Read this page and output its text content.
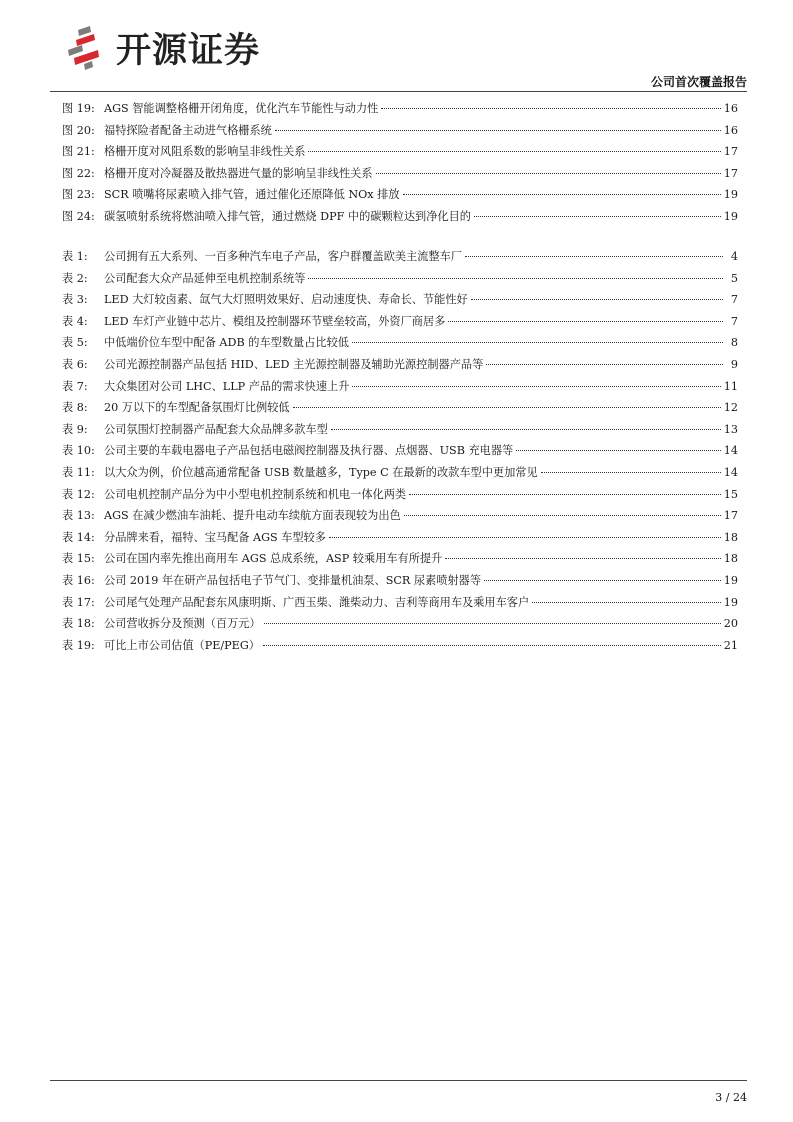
开源证券
公司首次覆盖报告
图 19: AGS 智能调整格栅开闭角度，优化汽车节能性与动力性	16
图 20: 福特探险者配备主动进气格栅系统	16
图 21: 格栅开度对风阻系数的影响呈非线性关系	17
图 22: 格栅开度对冷凝器及散热器进气量的影响呈非线性关系	17
图 23: SCR 喷嘴将尿素喷入排气管，通过催化还原降低 NOx 排放	19
图 24: 碳氢喷射系统将燃油喷入排气管，通过燃烧 DPF 中的碳颗粒达到净化目的	19
表 1:	公司拥有五大系列、一百多种汽车电子产品，客户群覆盖欧美主流整车厂	4
表 2:	公司配套大众产品延伸至电机控制系统等	5
表 3:	LED 大灯较卤素、氙气大灯照明效果好、启动速度快、寿命长、节能性好	7
表 4:	LED 车灯产业链中芯片、模组及控制器环节壁垒较高，外资厂商居多	7
表 5:	中低端价位车型中配备 ADB 的车型数量占比较低	8
表 6:	公司光源控制器产品包括 HID、LED 主光源控制器及辅助光源控制器产品等	9
表 7:	大众集团对公司 LHC、LLP 产品的需求快速上升	11
表 8:	20 万以下的车型配备氛围灯比例较低	12
表 9:	公司氛围灯控制器产品配套大众品牌多款车型	13
表 10: 公司主要的车载电器电子产品包括电磁阀控制器及执行器、点烟器、USB 充电器等	14
表 11: 以大众为例，价位越高通常配备 USB 数量越多，Type C 在最新的改款车型中更加常见	14
表 12: 公司电机控制产品分为中小型电机控制系统和机电一体化两类	15
表 13: AGS 在减少燃油车油耗、提升电动车续航方面表现较为出色	17
表 14: 分品牌来看，福特、宝马配备 AGS 车型较多	18
表 15: 公司在国内率先推出商用车 AGS 总成系统，ASP 较乘用车有所提升	18
表 16: 公司 2019 年在研产品包括电子节气门、变排量机油泵、SCR 尿素喷射器等	19
表 17: 公司尾气处理产品配套东风康明斯、广西玉柴、潍柴动力、吉利等商用车及乘用车客户	19
表 18: 公司营收拆分及预测（百万元）	20
表 19: 可比上市公司估值（PE/PEG）	21
3 / 24
